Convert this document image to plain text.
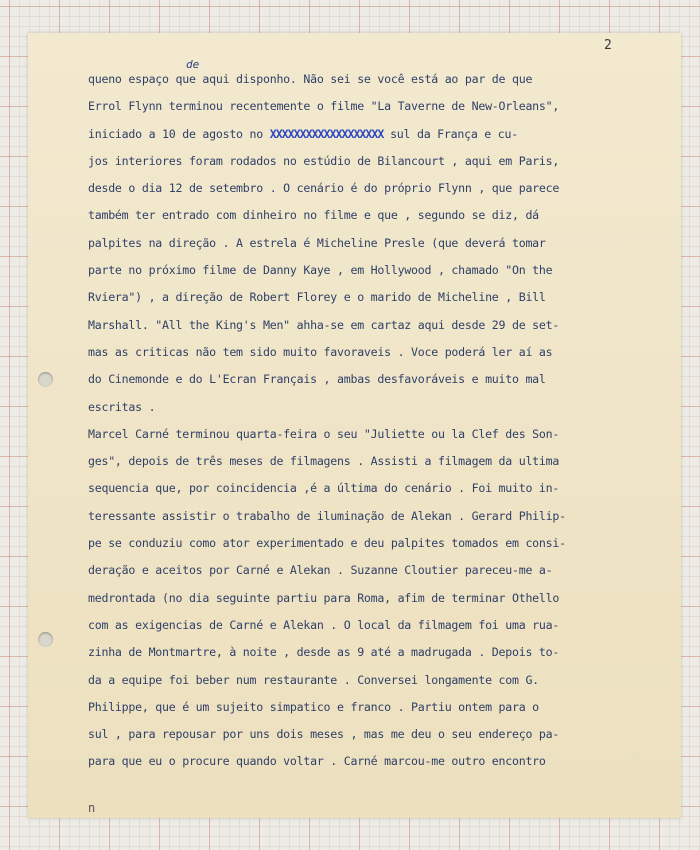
2
de
queno espaço que aqui disponho. Não sei se você está ao par de que
Errol Flynn terminou recentemente o filme "La Taverne de New-Orleans",
iniciado a 10 de agosto no XXXXXXXXXXXXXXXXXXX sul da França e cu-
jos interiores foram rodados no estúdio de Bilancourt , aqui em Paris,
desde o dia 12 de setembro . O cenário é do próprio Flynn , que parece
também ter entrado com dinheiro no filme e que , segundo se diz, dá
palpites na direção . A estrela é Micheline Presle (que deverá tomar
parte no próximo filme de Danny Kaye , em Hollywood , chamado "On the
Rviera") , a direção de Robert Florey e o marido de Micheline , Bill
Marshall. "All the King's Men" ahha-se em cartaz aqui desde 29 de set-
mas as criticas não tem sido muito favoraveis . Voce poderá ler aí as
do Cinemonde e do L'Ecran Français , ambas desfavoráveis e muito mal
escritas .
Marcel Carné terminou quarta-feira o seu "Juliette ou la Clef des Son-
ges", depois de três meses de filmagens . Assisti a filmagem da ultima
sequencia que, por coincidencia ,é a última do cenário . Foi muito in-
teressante assistir o trabalho de iluminação de Alekan . Gerard Philip-
pe se conduziu como ator experimentado e deu palpites tomados em consi-
deração e aceitos por Carné e Alekan . Suzanne Cloutier pareceu-me a-
medrontada (no dia seguinte partiu para Roma, afim de terminar Othello
com as exigencias de Carné e Alekan . O local da filmagem foi uma rua-
zinha de Montmartre, à noite , desde as 9 até a madrugada . Depois to-
da a equipe foi beber num restaurante . Conversei longamente com G.
Philippe, que é um sujeito simpatico e franco . Partiu ontem para o
sul , para repousar por uns dois meses , mas me deu o seu endereço pa-
para que eu o procure quando voltar . Carné marcou-me outro encontro
n
